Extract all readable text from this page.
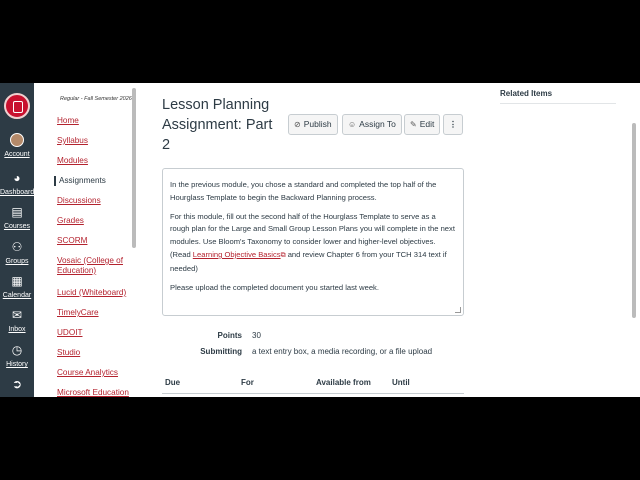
Account
◕
Dashboard
▤
Courses
⚇
Groups
▦
Calendar
✉
Inbox
◷
History
➲
Regular - Fall Semester 2026
Home
Syllabus
Modules
Assignments
Discussions
Grades
SCORM
Vosaic (College of Education)
Lucid (Whiteboard)
TimelyCare
UDOIT
Studio
Course Analytics
Microsoft Education
Lesson Planning Assignment: Part 2
⊘ Publish	☺ Assign To	✎ Edit	⋮

In the previous module, you chose a standard and completed the top half of the Hourglass Template to begin the Backward Planning process.

For this module, fill out the second half of the Hourglass Template to serve as a rough plan for the Large and Small Group Lesson Plans you will complete in the next modules. Use Bloom's Taxonomy to consider lower and higher-level objectives. (Read Learning Objective Basics⧉ and review Chapter 6 from your TCH 314 text if needed)

Please upload the completed document you started last week.

Points 30
Submitting a text entry box, a media recording, or a file upload
Due	For	Available from	Until
Related Items
